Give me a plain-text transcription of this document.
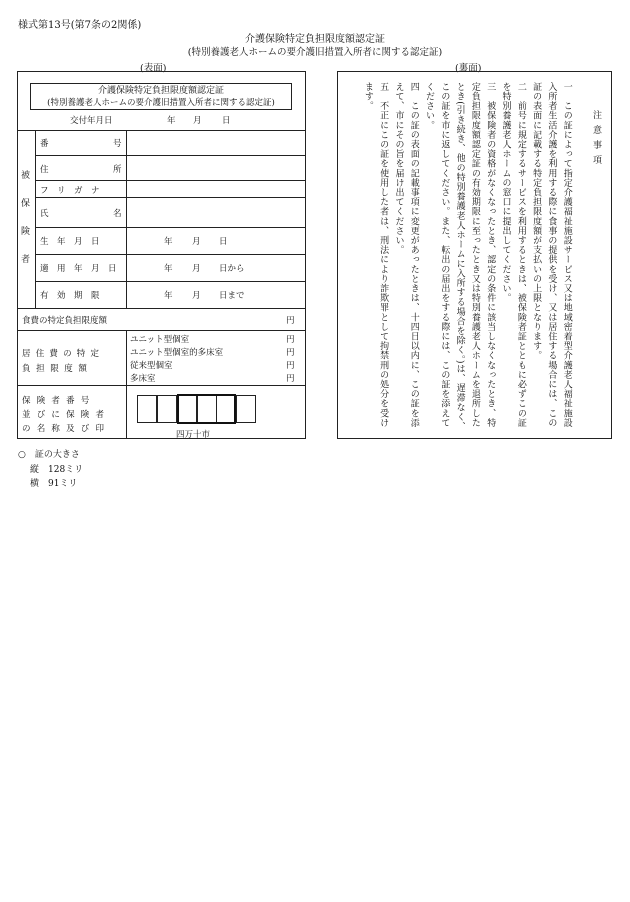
様式第13号(第7条の2関係)
介護保険特定負担限度額認定証
(特別養護老人ホームの要介護旧措置入所者に関する認定証)
(表面)	(裏面)
介護保険特定負担限度額認定証
(特別養護老人ホームの要介護旧措置入所者に関する認定証)
交付年月日	年 月 日
被
保
険
者
番	号
住	所
フ　リ　ガ　ナ
氏	名
生　年　月　日	年 月 日
適　用　年　月　日	年 月 日から
有　効　期　限	年 月 日まで
食費の特定負担限度額	円
居住費の特定
負担限度額
ユニット型個室	円
ユニット型個室的多床室	円
従来型個室	円
多床室	円
保険者番号
並びに保険者
の名称及び印
四万十市
注意事項
一　この証によって指定介護福祉施設サービス又は地域密着型介護老人福祉施設入所者生活介護を利用する際に食事の提供を受け、又は居住する場合には、この証の表面に記載する特定負担限度額が支払いの上限となります。
二　前号に規定するサービスを利用するときは、被保険者証とともに必ずこの証を特別養護老人ホームの窓口に提出してください。
三　被保険者の資格がなくなったとき、認定の条件に該当しなくなったとき、特定負担限度額認定証の有効期限に至ったとき又は特別養護老人ホームを退所したとき(引き続き、他の特別養護老人ホームに入所する場合を除く。)は、遅滞なく、この証を市に返してください。また、転出の届出をする際には、この証を添えてください。
四　この証の表面の記載事項に変更があったときは、十四日以内に、この証を添えて、市にその旨を届け出てください。
五　不正にこの証を使用した者は、刑法により詐欺罪として拘禁刑の処分を受けます。
○　証の大きさ
縦　128ミリ
横　91ミリ
